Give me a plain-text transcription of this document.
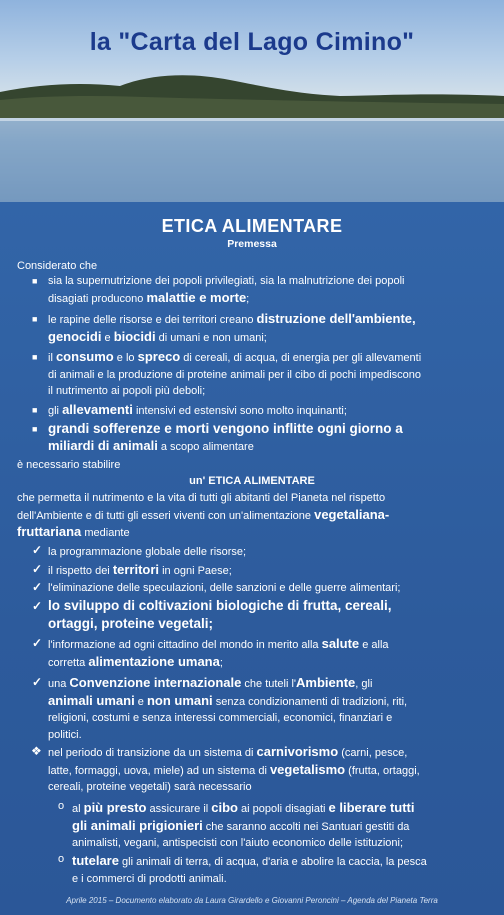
la "Carta del Lago Cimino"
ETICA ALIMENTARE
Premessa
Considerato che
■ sia la supernutrizione dei popoli privilegiati, sia la malnutrizione dei popoli
disagiati producono malattie e morte;
■ le rapine delle risorse e dei territori creano distruzione dell'ambiente,
genocidi e biocidi di umani e non umani;
■ il consumo e lo spreco di cereali, di acqua, di energia per gli allevamenti
di animali e la produzione di proteine animali per il cibo di pochi impediscono
il nutrimento ai popoli più deboli;
■ gli allevamenti intensivi ed estensivi sono molto inquinanti;
■ grandi sofferenze e morti vengono inflitte ogni giorno a
miliardi di animali a scopo alimentare
è necessario stabilire
un' ETICA ALIMENTARE
che permetta il nutrimento e la vita di tutti gli abitanti del Pianeta nel rispetto
dell'Ambiente e di tutti gli esseri viventi con un'alimentazione vegetaliana-
fruttariana mediante
✓ la programmazione globale delle risorse;
✓ il rispetto dei territori in ogni Paese;
✓ l'eliminazione delle speculazioni, delle sanzioni e delle guerre alimentari;
✓ lo sviluppo di coltivazioni biologiche di frutta, cereali,
ortaggi, proteine vegetali;
✓ l'informazione ad ogni cittadino del mondo in merito alla salute e alla
corretta alimentazione umana;
✓ una Convenzione internazionale che tuteli l'Ambiente, gli
animali umani e non umani senza condizionamenti di tradizioni, riti,
religioni, costumi e senza interessi commerciali, economici, finanziari e
politici.
❖ nel periodo di transizione da un sistema di carnivorismo (carni, pesce,
latte, formaggi, uova, miele) ad un sistema di vegetalismo (frutta, ortaggi,
cereali, proteine vegetali) sarà necessario
o al più presto assicurare il cibo ai popoli disagiati e liberare tutti
gli animali prigionieri che saranno accolti nei Santuari gestiti da
animalisti, vegani, antispecisti con l'aiuto economico delle istituzioni;
o tutelare gli animali di terra, di acqua, d'aria e abolire la caccia, la pesca
e i commerci di prodotti animali.
Aprile 2015 – Documento elaborato da Laura Girardello e Giovanni Peroncini – Agenda del Pianeta Terra
